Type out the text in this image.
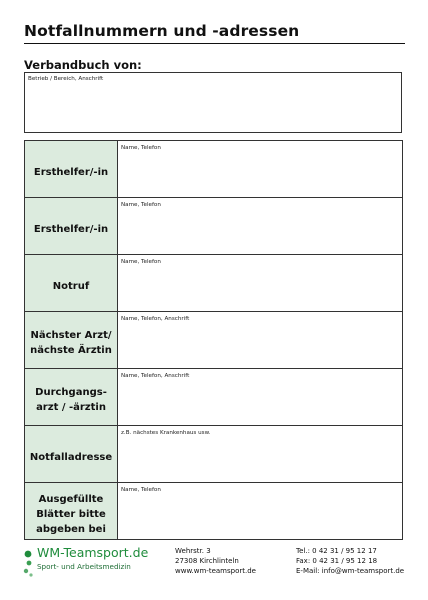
Notfallnummern und -adressen
Verbandbuch von:
Betrieb / Bereich, Anschrift
Ersthelfer/-in
Name, Telefon
Ersthelfer/-in
Name, Telefon
Notruf
Name, Telefon
Nächster Arzt/
nächste Ärztin
Name, Telefon, Anschrift
Durchgangs-
arzt / -ärztin
Name, Telefon, Anschrift
Notfalladresse
z.B. nächstes Krankenhaus usw.
Ausgefüllte
Blätter bitte
abgeben bei
Name, Telefon
WM-Teamsport.de
Sport- und Arbeitsmedizin
Wehrstr. 3
27308 Kirchlinteln
www.wm-teamsport.de
Tel.: 0 42 31 / 95 12 17
Fax: 0 42 31 / 95 12 18
E-Mail: info@wm-teamsport.de
